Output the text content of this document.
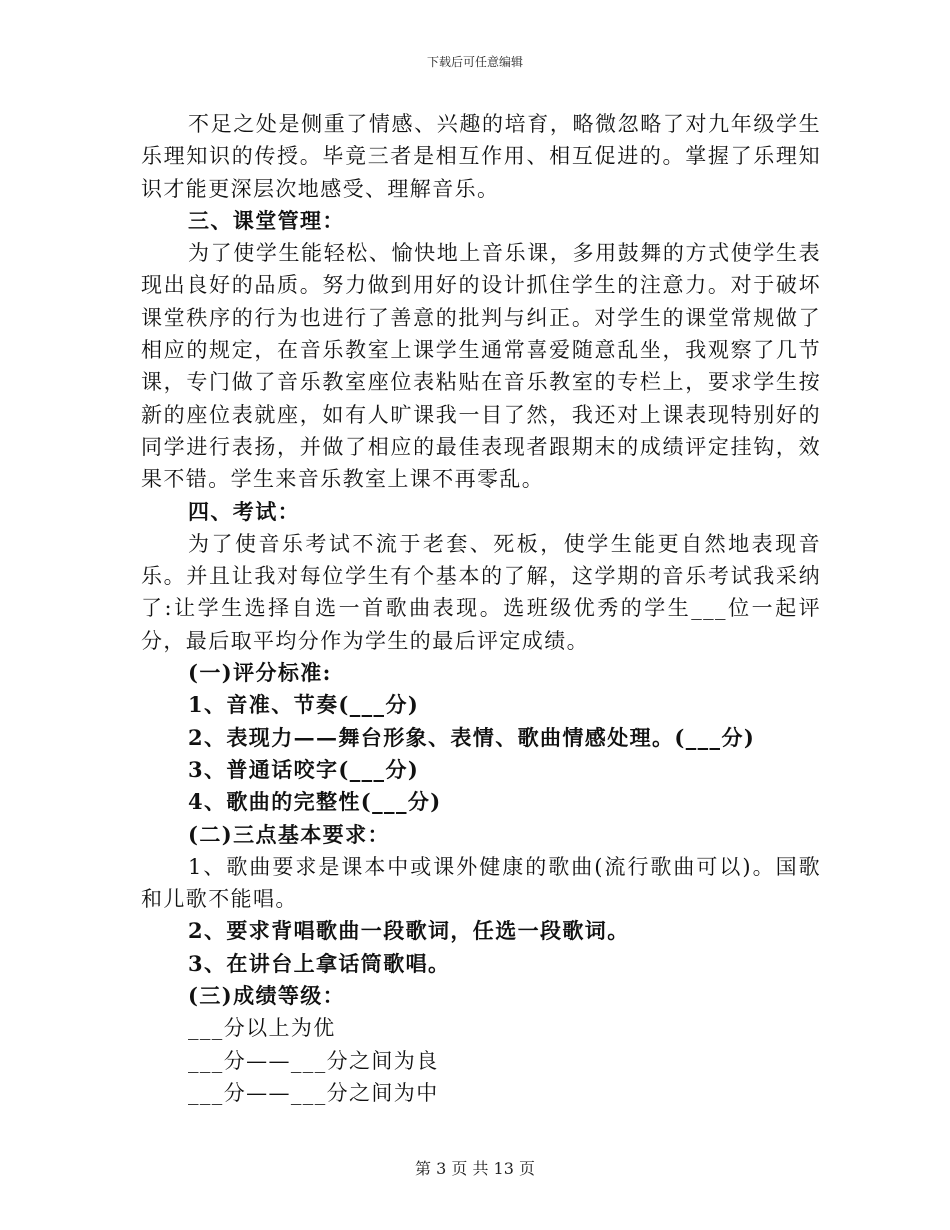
下载后可任意编辑

不足之处是侧重了情感、兴趣的培育，略微忽略了对九年级学生乐理知识的传授。毕竟三者是相互作用、相互促进的。掌握了乐理知识才能更深层次地感受、理解音乐。

三、课堂管理：

为了使学生能轻松、愉快地上音乐课，多用鼓舞的方式使学生表现出良好的品质。努力做到用好的设计抓住学生的注意力。对于破坏课堂秩序的行为也进行了善意的批判与纠正。对学生的课堂常规做了相应的规定，在音乐教室上课学生通常喜爱随意乱坐，我观察了几节课，专门做了音乐教室座位表粘贴在音乐教室的专栏上，要求学生按新的座位表就座，如有人旷课我一目了然，我还对上课表现特别好的同学进行表扬，并做了相应的最佳表现者跟期末的成绩评定挂钩，效果不错。学生来音乐教室上课不再零乱。

四、考试：

为了使音乐考试不流于老套、死板，使学生能更自然地表现音乐。并且让我对每位学生有个基本的了解，这学期的音乐考试我采纳了:让学生选择自选一首歌曲表现。选班级优秀的学生___位一起评分，最后取平均分作为学生的最后评定成绩。

(一)评分标准:

1、音准、节奏(___分)

2、表现力——舞台形象、表情、歌曲情感处理。(___分)

3、普通话咬字(___分)

4、歌曲的完整性(___分)

(二)三点基本要求：

1、歌曲要求是课本中或课外健康的歌曲(流行歌曲可以)。国歌和儿歌不能唱。

2、要求背唱歌曲一段歌词，任选一段歌词。

3、在讲台上拿话筒歌唱。

(三)成绩等级：

___分以上为优

___分——___分之间为良

___分——___分之间为中

第 3 页 共 13 页
